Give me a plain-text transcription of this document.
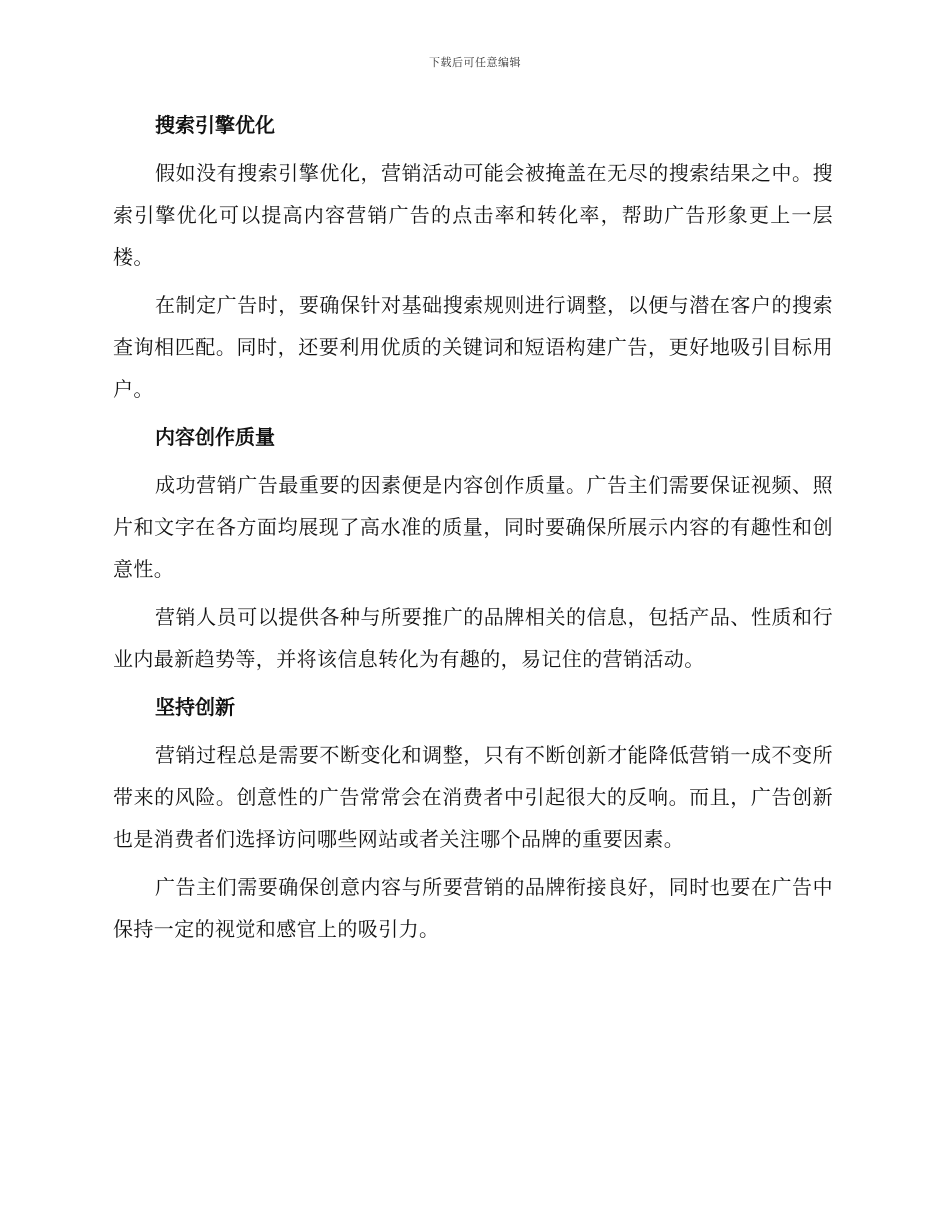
下载后可任意编辑
搜索引擎优化

假如没有搜索引擎优化，营销活动可能会被掩盖在无尽的搜索结果之中。搜索引擎优化可以提高内容营销广告的点击率和转化率，帮助广告形象更上一层楼。

在制定广告时，要确保针对基础搜索规则进行调整，以便与潜在客户的搜索查询相匹配。同时，还要利用优质的关键词和短语构建广告，更好地吸引目标用户。

内容创作质量

成功营销广告最重要的因素便是内容创作质量。广告主们需要保证视频、照片和文字在各方面均展现了高水准的质量，同时要确保所展示内容的有趣性和创意性。

营销人员可以提供各种与所要推广的品牌相关的信息，包括产品、性质和行业内最新趋势等，并将该信息转化为有趣的，易记住的营销活动。

坚持创新

营销过程总是需要不断变化和调整，只有不断创新才能降低营销一成不变所带来的风险。创意性的广告常常会在消费者中引起很大的反响。而且，广告创新也是消费者们选择访问哪些网站或者关注哪个品牌的重要因素。

广告主们需要确保创意内容与所要营销的品牌衔接良好，同时也要在广告中保持一定的视觉和感官上的吸引力。
